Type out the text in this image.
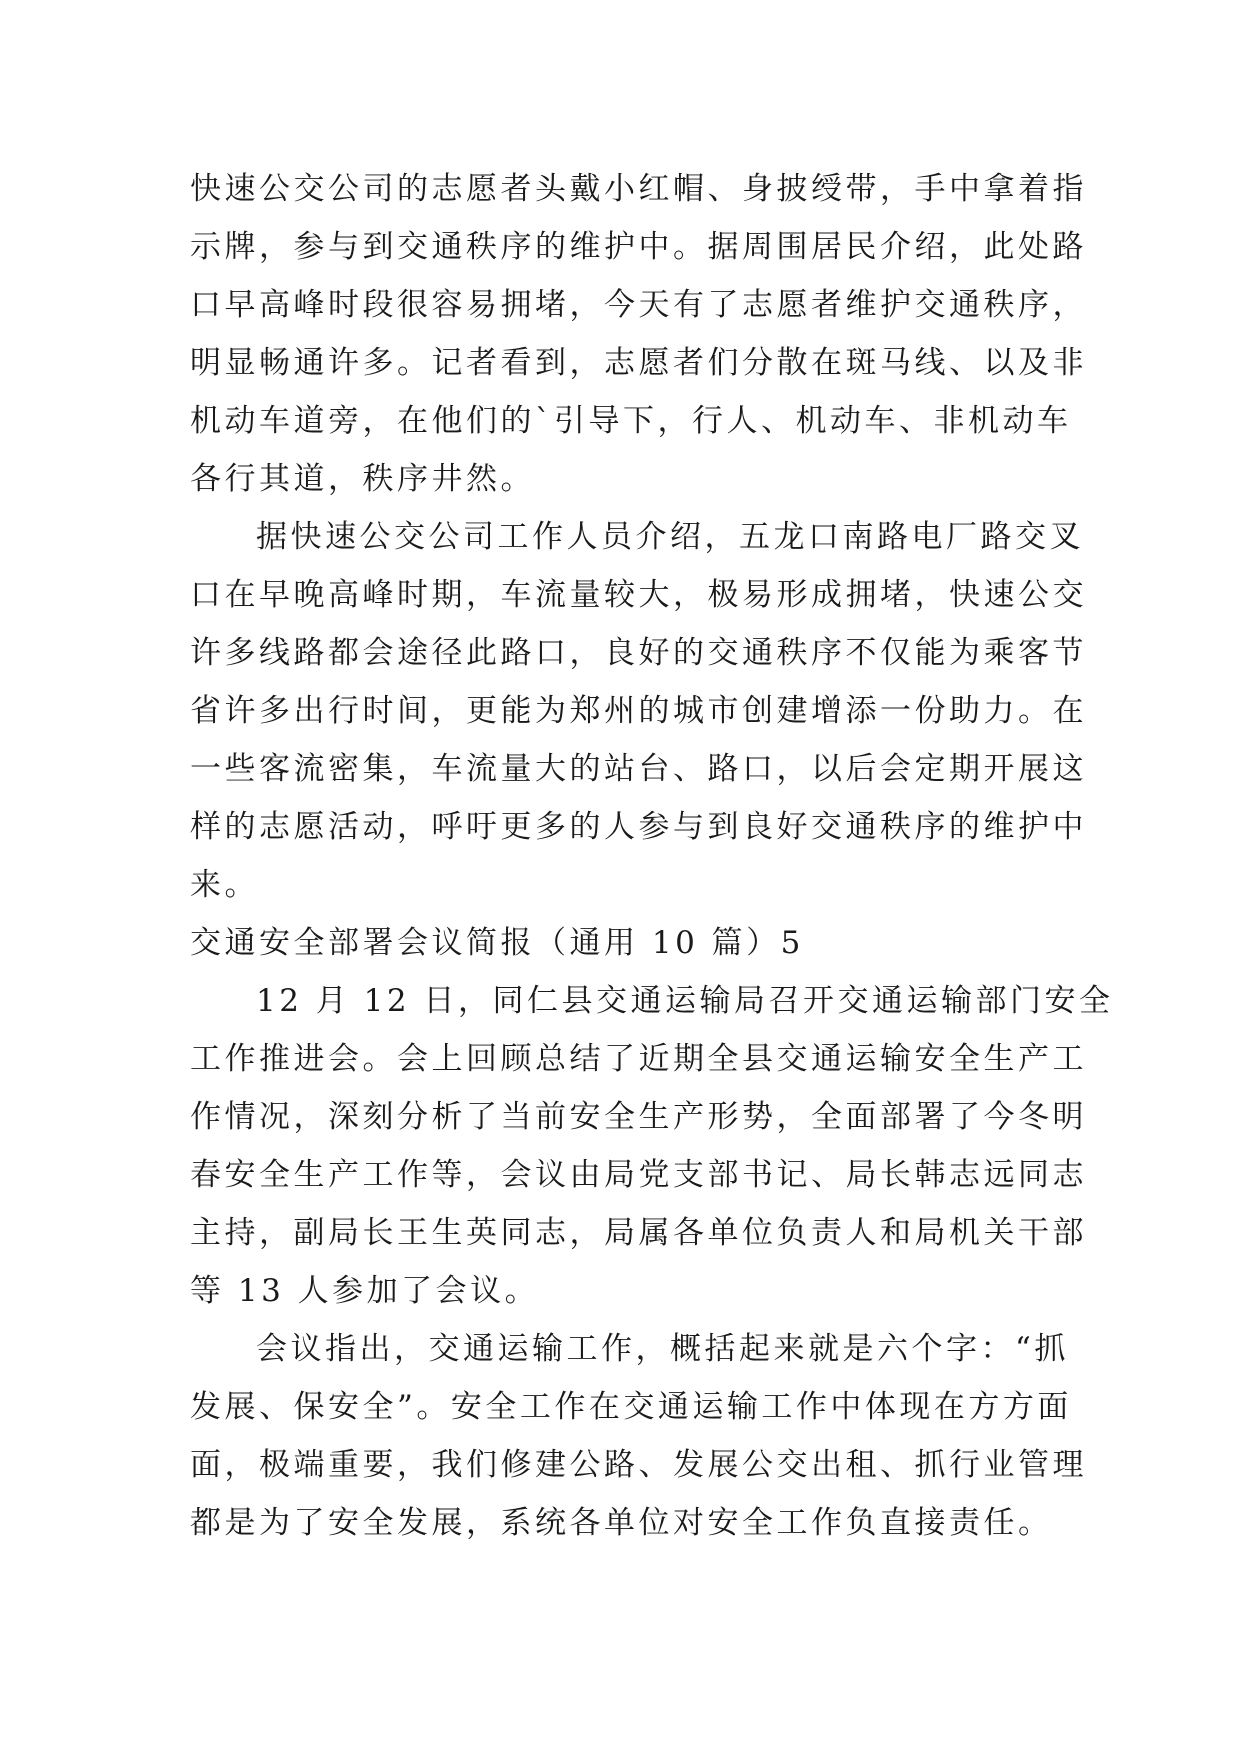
快速公交公司的志愿者头戴小红帽、身披绶带，手中拿着指
示牌，参与到交通秩序的维护中。据周围居民介绍，此处路
口早高峰时段很容易拥堵，今天有了志愿者维护交通秩序，
明显畅通许多。记者看到，志愿者们分散在斑马线、以及非
机动车道旁，在他们的`引导下，行人、机动车、非机动车
各行其道，秩序井然。
据快速公交公司工作人员介绍，五龙口南路电厂路交叉
口在早晚高峰时期，车流量较大，极易形成拥堵，快速公交
许多线路都会途径此路口，良好的交通秩序不仅能为乘客节
省许多出行时间，更能为郑州的城市创建增添一份助力。在
一些客流密集，车流量大的站台、路口，以后会定期开展这
样的志愿活动，呼吁更多的人参与到良好交通秩序的维护中
来。
交通安全部署会议简报（通用 10 篇）5
12 月 12 日，同仁县交通运输局召开交通运输部门安全
工作推进会。会上回顾总结了近期全县交通运输安全生产工
作情况，深刻分析了当前安全生产形势，全面部署了今冬明
春安全生产工作等，会议由局党支部书记、局长韩志远同志
主持，副局长王生英同志，局属各单位负责人和局机关干部
等 13 人参加了会议。
会议指出，交通运输工作，概括起来就是六个字：“抓
发展、保安全”。安全工作在交通运输工作中体现在方方面
面，极端重要，我们修建公路、发展公交出租、抓行业管理
都是为了安全发展，系统各单位对安全工作负直接责任。
